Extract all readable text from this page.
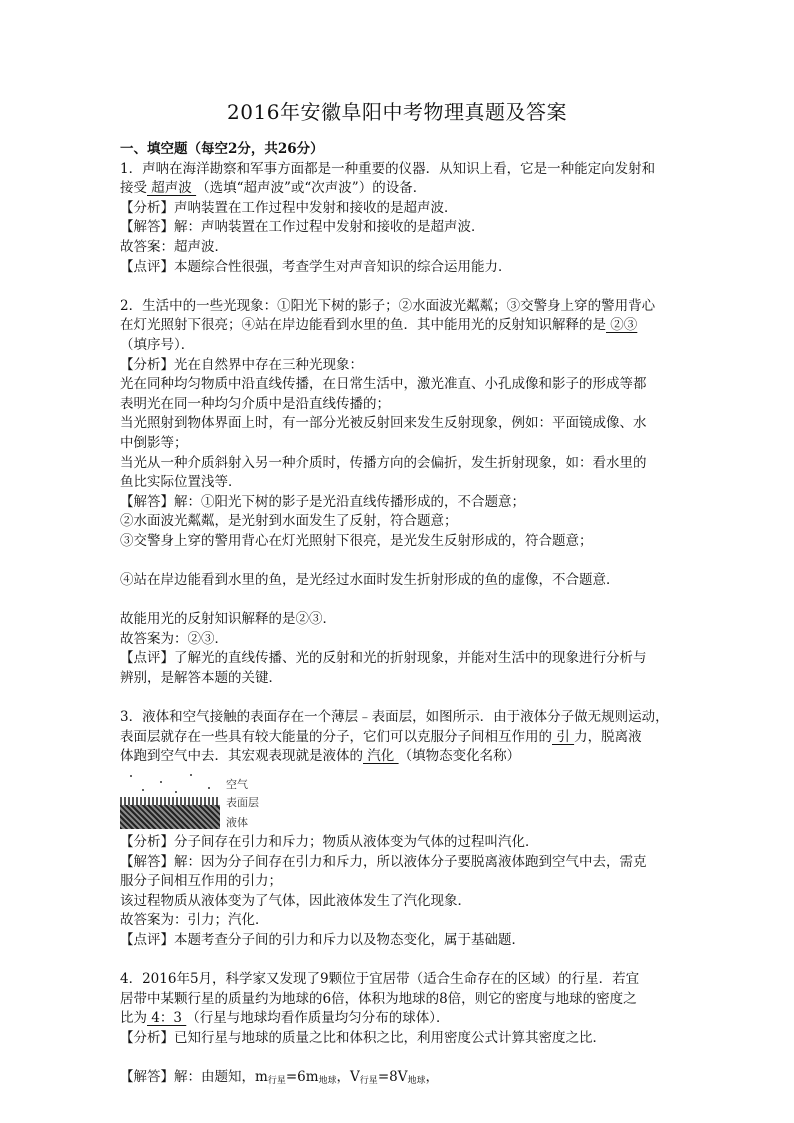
2016年安徽阜阳中考物理真题及答案
一、填空题（每空2分，共26分）
1．声呐在海洋勘察和军事方面都是一种重要的仪器．从知识上看，它是一种能定向发射和
接受 超声波 （选填“超声波”或“次声波”）的设备．
【分析】声呐装置在工作过程中发射和接收的是超声波．
【解答】解：声呐装置在工作过程中发射和接收的是超声波．
故答案：超声波．
【点评】本题综合性很强，考查学生对声音知识的综合运用能力．
2．生活中的一些光现象：①阳光下树的影子；②水面波光粼粼；③交警身上穿的警用背心
在灯光照射下很亮；④站在岸边能看到水里的鱼．其中能用光的反射知识解释的是 ②③
（填序号）．
【分析】光在自然界中存在三种光现象：
光在同种均匀物质中沿直线传播，在日常生活中，激光准直、小孔成像和影子的形成等都
表明光在同一种均匀介质中是沿直线传播的；
当光照射到物体界面上时，有一部分光被反射回来发生反射现象，例如：平面镜成像、水
中倒影等；
当光从一种介质斜射入另一种介质时，传播方向的会偏折，发生折射现象，如：看水里的
鱼比实际位置浅等．
【解答】解：①阳光下树的影子是光沿直线传播形成的，不合题意；
②水面波光粼粼，是光射到水面发生了反射，符合题意；
③交警身上穿的警用背心在灯光照射下很亮，是光发生反射形成的，符合题意；
④站在岸边能看到水里的鱼，是光经过水面时发生折射形成的鱼的虚像，不合题意．
故能用光的反射知识解释的是②③．
故答案为：②③．
【点评】了解光的直线传播、光的反射和光的折射现象，并能对生活中的现象进行分析与
辨别，是解答本题的关键．
3．液体和空气接触的表面存在一个薄层﹣表面层，如图所示．由于液体分子做无规则运动，
表面层就存在一些具有较大能量的分子，它们可以克服分子间相互作用的 引 力，脱离液
体跑到空气中去．其宏观表现就是液体的 汽化 （填物态变化名称）
空气
表面层
液体
【分析】分子间存在引力和斥力；物质从液体变为气体的过程叫汽化．
【解答】解：因为分子间存在引力和斥力，所以液体分子要脱离液体跑到空气中去，需克
服分子间相互作用的引力；
该过程物质从液体变为了气体，因此液体发生了汽化现象．
故答案为：引力；汽化．
【点评】本题考查分子间的引力和斥力以及物态变化，属于基础题．
4．2016年5月，科学家又发现了9颗位于宜居带（适合生命存在的区域）的行星．若宜
居带中某颗行星的质量约为地球的6倍，体积为地球的8倍，则它的密度与地球的密度之
比为 4：3 （行星与地球均看作质量均匀分布的球体）．
【分析】已知行星与地球的质量之比和体积之比，利用密度公式计算其密度之比．
【解答】解：由题知，$m_{行星}=6m_{地球}$，$V_{行星}=8V_{地球}$，
